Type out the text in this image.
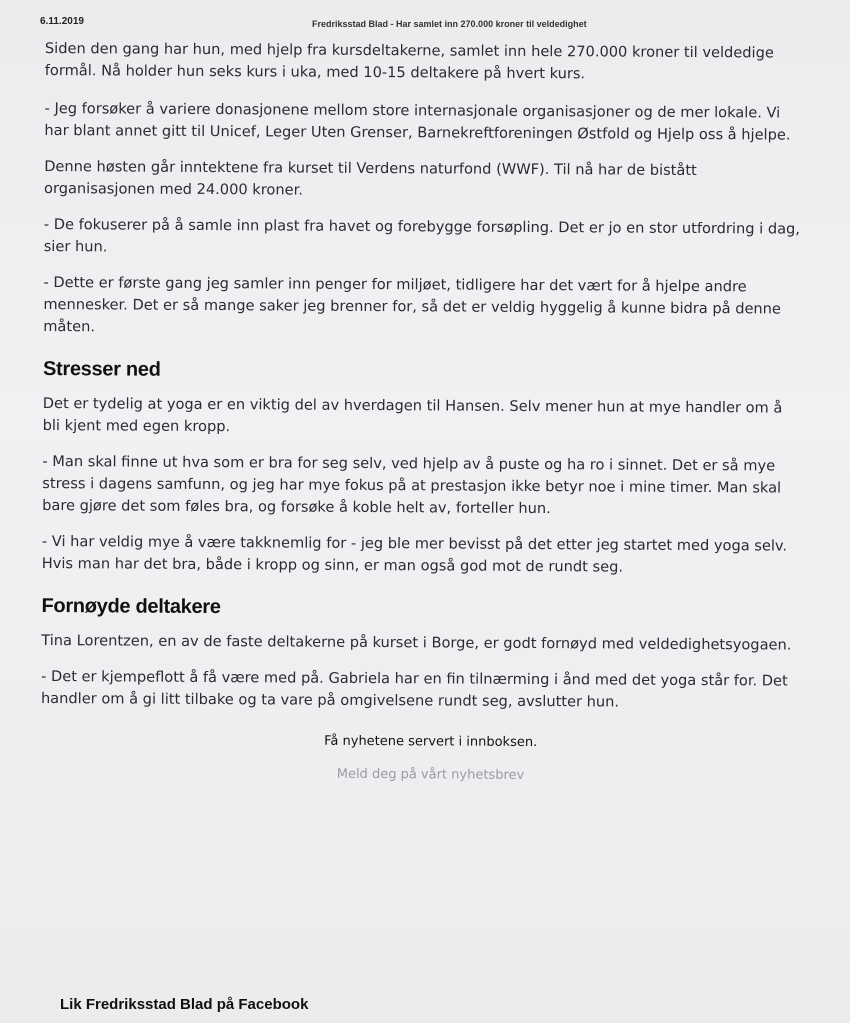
6.11.2019	Fredriksstad Blad - Har samlet inn 270.000 kroner til veldedighet

Siden den gang har hun, med hjelp fra kursdeltakerne, samlet inn hele 270.000 kroner til veldedige formål. Nå holder hun seks kurs i uka, med 10-15 deltakere på hvert kurs.

- Jeg forsøker å variere donasjonene mellom store internasjonale organisasjoner og de mer lokale. Vi har blant annet gitt til Unicef, Leger Uten Grenser, Barnekreftforeningen Østfold og Hjelp oss å hjelpe.

Denne høsten går inntektene fra kurset til Verdens naturfond (WWF). Til nå har de bistått organisasjonen med 24.000 kroner.

- De fokuserer på å samle inn plast fra havet og forebygge forsøpling. Det er jo en stor utfordring i dag, sier hun.

- Dette er første gang jeg samler inn penger for miljøet, tidligere har det vært for å hjelpe andre mennesker. Det er så mange saker jeg brenner for, så det er veldig hyggelig å kunne bidra på denne måten.

Stresser ned

Det er tydelig at yoga er en viktig del av hverdagen til Hansen. Selv mener hun at mye handler om å bli kjent med egen kropp.

- Man skal finne ut hva som er bra for seg selv, ved hjelp av å puste og ha ro i sinnet. Det er så mye stress i dagens samfunn, og jeg har mye fokus på at prestasjon ikke betyr noe i mine timer. Man skal bare gjøre det som føles bra, og forsøke å koble helt av, forteller hun.

- Vi har veldig mye å være takknemlig for - jeg ble mer bevisst på det etter jeg startet med yoga selv. Hvis man har det bra, både i kropp og sinn, er man også god mot de rundt seg.

Fornøyde deltakere

Tina Lorentzen, en av de faste deltakerne på kurset i Borge, er godt fornøyd med veldedighetsyogaen.

- Det er kjempeflott å få være med på. Gabriela har en fin tilnærming i ånd med det yoga står for. Det handler om å gi litt tilbake og ta vare på omgivelsene rundt seg, avslutter hun.

Få nyhetene servert i innboksen.
Meld deg på vårt nyhetsbrev
Lik Fredriksstad Blad på Facebook
